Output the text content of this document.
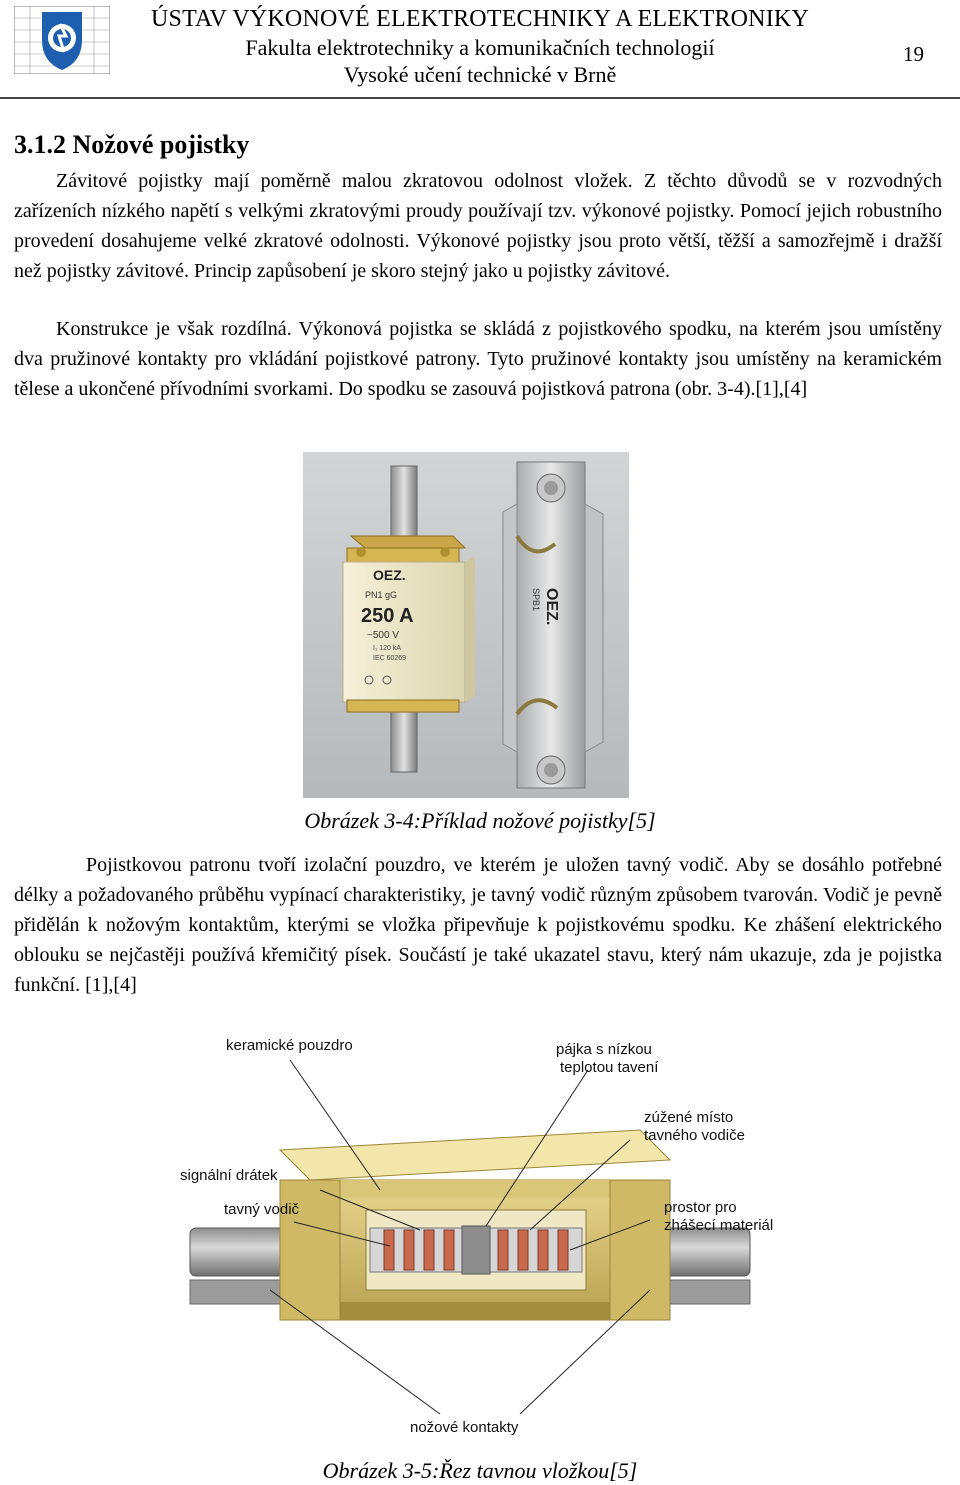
ÚSTAV VÝKONOVÉ ELEKTROTECHNIKY A ELEKTRONIKY
Fakulta elektrotechniky a komunikačních technologií
Vysoké učení technické v Brně
19
3.1.2 Nožové pojistky
Závitové pojistky mají poměrně malou zkratovou odolnost vložek. Z těchto důvodů se v rozvodných zařízeních nízkého napětí s velkými zkratovými proudy používají tzv. výkonové pojistky. Pomocí jejich robustního provedení dosahujeme velké zkratové odolnosti. Výkonové pojistky jsou proto větší, těžší a samozřejmě i dražší než pojistky závitové. Princip zapůsobení je skoro stejný jako u pojistky závitové.
Konstrukce je však rozdílná. Výkonová pojistka se skládá z pojistkového spodku, na kterém jsou umístěny dva pružinové kontakty pro vkládání pojistkové patrony. Tyto pružinové kontakty jsou umístěny na keramickém tělese a ukončené přívodními svorkami. Do spodku se zasouvá pojistková patrona (obr. 3-4).[1],[4]
OEZ.
PN1 gG
250 A
~500 V
I₁ 120 kA
IEC 60269
OEZ.
SPB1
Obrázek 3-4:Příklad nožové pojistky[5]
Pojistkovou patronu tvoří izolační pouzdro, ve kterém je uložen tavný vodič. Aby se dosáhlo potřebné délky a požadovaného průběhu vypínací charakteristiky, je tavný vodič různým způsobem tvarován. Vodič je pevně přidělán k nožovým kontaktům, kterými se vložka připevňuje k pojistkovému spodku. Ke zhášení elektrického oblouku se nejčastěji používá křemičitý písek. Součástí je také ukazatel stavu, který nám ukazuje, zda je pojistka funkční. [1],[4]
keramické pouzdro	pájka s nízkou
teplotou tavení
zúžené místo
tavného vodiče
signální drátek
tavný vodič	prostor pro
zhášecí materiál
nožové kontakty
Obrázek 3-5:Řez tavnou vložkou[5]
